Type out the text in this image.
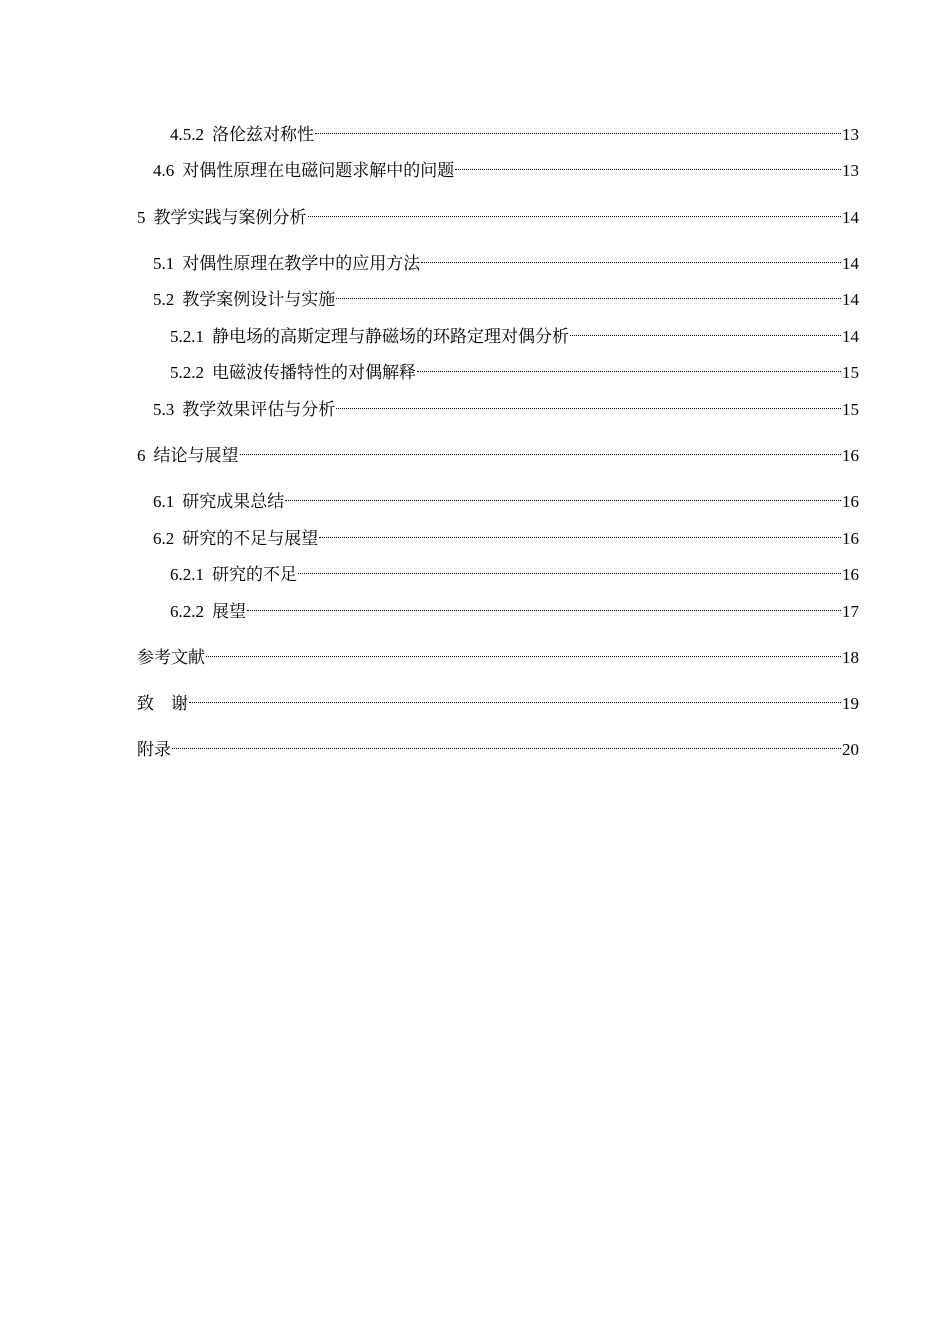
4.5.2 洛伦兹对称性	13
4.6 对偶性原理在电磁问题求解中的问题	13
5 教学实践与案例分析	14
5.1 对偶性原理在教学中的应用方法	14
5.2 教学案例设计与实施	14
5.2.1 静电场的高斯定理与静磁场的环路定理对偶分析	14
5.2.2 电磁波传播特性的对偶解释	15
5.3 教学效果评估与分析	15
6 结论与展望	16
6.1 研究成果总结	16
6.2 研究的不足与展望	16
6.2.1 研究的不足	16
6.2.2 展望	17
参考文献	18
致　谢	19
附录	20
